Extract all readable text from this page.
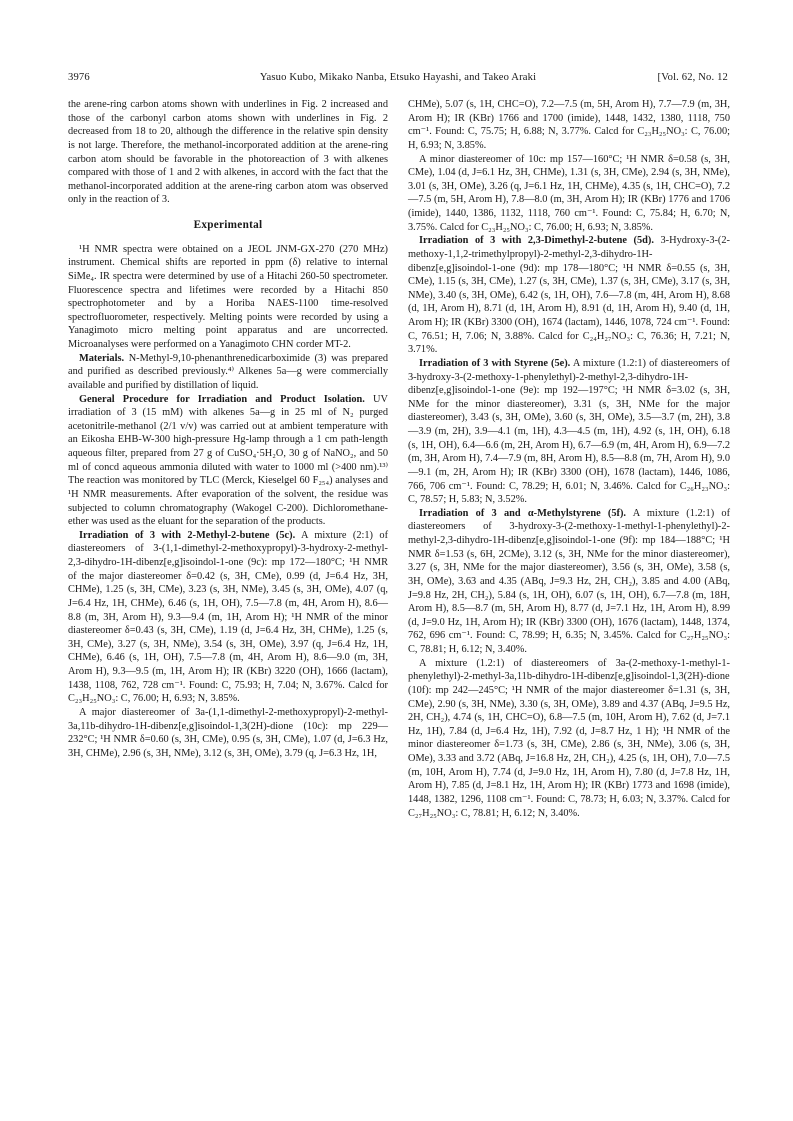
3976	Yasuo Kubo, Mikako Nanba, Etsuko Hayashi, and Takeo Araki	[Vol. 62, No. 12

the arene-ring carbon atoms shown with underlines in Fig. 2 increased and those of the carbonyl carbon atoms shown with underlines in Fig. 2 decreased from 18 to 20, although the difference in the relative spin density is not large. Therefore, the methanol-incorporated addition at the arene-ring carbon atom should be favorable in the photoreaction of 3 with alkenes compared with those of 1 and 2 with alkenes, in accord with the fact that the methanol-incorporated addition at the arene-ring carbon atom was observed only in the reaction of 3.

Experimental

¹H NMR spectra were obtained on a JEOL JNM-GX-270 (270 MHz) instrument. Chemical shifts are reported in ppm (δ) relative to internal SiMe₄. IR spectra were determined by use of a Hitachi 260-50 spectrometer. Fluorescence spectra and lifetimes were recorded by a Hitachi 850 spectrophotometer and by a Horiba NAES-1100 time-resolved spectrofluorometer, respectively. Melting points were recorded by using a Yanagimoto micro melting point apparatus and are uncorrected. Microanalyses were performed on a Yanagimoto CHN corder MT-2.

Materials. N-Methyl-9,10-phenanthrenedicarboximide (3) was prepared and purified as described previously.⁴⁾ Alkenes 5a—g were commercially available and purified by distillation of liquid.

General Procedure for Irradiation and Product Isolation. UV irradiation of 3 (15 mM) with alkenes 5a—g in 25 ml of N₂ purged acetonitrile-methanol (2/1 v/v) was carried out at ambient temperature with an Eikosha EHB-W-300 high-pressure Hg-lamp through a 1 cm path-length aqueous filter, prepared from 27 g of CuSO₄·5H₂O, 30 g of NaNO₂, and 50 ml of concd aqueous ammonia diluted with water to 1000 ml (>400 nm).¹³⁾ The reaction was monitored by TLC (Merck, Kieselgel 60 F₂₅₄) analyses and ¹H NMR measurements. After evaporation of the solvent, the residue was subjected to column chromatography (Wakogel C-200). Dichloromethane-ether was used as the eluant for the separation of the products.

Irradiation of 3 with 2-Methyl-2-butene (5c). A mixture (2:1) of diastereomers of 3-(1,1-dimethyl-2-methoxypropyl)-3-hydroxy-2-methyl-2,3-dihydro-1H-dibenz[e,g]isoindol-1-one (9c): mp 172—180°C; ¹H NMR of the major diastereomer δ=0.42 (s, 3H, CMe), 0.99 (d, J=6.4 Hz, 3H, CHMe), 1.25 (s, 3H, CMe), 3.23 (s, 3H, NMe), 3.45 (s, 3H, OMe), 4.07 (q, J=6.4 Hz, 1H, CHMe), 6.46 (s, 1H, OH), 7.5—7.8 (m, 4H, Arom H), 8.6—8.8 (m, 3H, Arom H), 9.3—9.4 (m, 1H, Arom H); ¹H NMR of the minor diastereomer δ=0.43 (s, 3H, CMe), 1.19 (d, J=6.4 Hz, 3H, CHMe), 1.25 (s, 3H, CMe), 3.27 (s, 3H, NMe), 3.54 (s, 3H, OMe), 3.97 (q, J=6.4 Hz, 1H, CHMe), 6.46 (s, 1H, OH), 7.5—7.8 (m, 4H, Arom H), 8.6—9.0 (m, 3H, Arom H), 9.3—9.5 (m, 1H, Arom H); IR (KBr) 3220 (OH), 1666 (lactam), 1438, 1108, 762, 728 cm⁻¹. Found: C, 75.93; H, 7.04; N, 3.67%. Calcd for C₂₃H₂₅NO₃: C, 76.00; H, 6.93; N, 3.85%.

A major diastereomer of 3a-(1,1-dimethyl-2-methoxypropyl)-2-methyl-3a,11b-dihydro-1H-dibenz[e,g]isoindol-1,3(2H)-dione (10c): mp 229—232°C; ¹H NMR δ=0.60 (s, 3H, CMe), 0.95 (s, 3H, CMe), 1.07 (d, J=6.3 Hz, 3H, CHMe), 2.96 (s, 3H, NMe), 3.12 (s, 3H, OMe), 3.79 (q, J=6.3 Hz, 1H,

CHMe), 5.07 (s, 1H, CHC=O), 7.2—7.5 (m, 5H, Arom H), 7.7—7.9 (m, 3H, Arom H); IR (KBr) 1766 and 1700 (imide), 1448, 1432, 1380, 1118, 750 cm⁻¹. Found: C, 75.75; H, 6.88; N, 3.77%. Calcd for C₂₃H₂₅NO₃: C, 76.00; H, 6.93; N, 3.85%.

A minor diastereomer of 10c: mp 157—160°C; ¹H NMR δ=0.58 (s, 3H, CMe), 1.04 (d, J=6.1 Hz, 3H, CHMe), 1.31 (s, 3H, CMe), 2.94 (s, 3H, NMe), 3.01 (s, 3H, OMe), 3.26 (q, J=6.1 Hz, 1H, CHMe), 4.35 (s, 1H, CHC=O), 7.2—7.5 (m, 5H, Arom H), 7.8—8.0 (m, 3H, Arom H); IR (KBr) 1776 and 1706 (imide), 1440, 1386, 1132, 1118, 760 cm⁻¹. Found: C, 75.84; H, 6.70; N, 3.75%. Calcd for C₂₃H₂₅NO₃: C, 76.00; H, 6.93; N, 3.85%.

Irradiation of 3 with 2,3-Dimethyl-2-butene (5d). 3-Hydroxy-3-(2-methoxy-1,1,2-trimethylpropyl)-2-methyl-2,3-dihydro-1H-dibenz[e,g]isoindol-1-one (9d): mp 178—180°C; ¹H NMR δ=0.55 (s, 3H, CMe), 1.15 (s, 3H, CMe), 1.27 (s, 3H, CMe), 1.37 (s, 3H, CMe), 3.17 (s, 3H, NMe), 3.40 (s, 3H, OMe), 6.42 (s, 1H, OH), 7.6—7.8 (m, 4H, Arom H), 8.68 (d, 1H, Arom H), 8.71 (d, 1H, Arom H), 8.91 (d, 1H, Arom H), 9.40 (d, 1H, Arom H); IR (KBr) 3300 (OH), 1674 (lactam), 1446, 1078, 724 cm⁻¹. Found: C, 76.51; H, 7.06; N, 3.88%. Calcd for C₂₄H₂₇NO₃: C, 76.36; H, 7.21; N, 3.71%.

Irradiation of 3 with Styrene (5e). A mixture (1.2:1) of diastereomers of 3-hydroxy-3-(2-methoxy-1-phenylethyl)-2-methyl-2,3-dihydro-1H-dibenz[e,g]isoindol-1-one (9e): mp 192—197°C; ¹H NMR δ=3.02 (s, 3H, NMe for the minor diastereomer), 3.31 (s, 3H, NMe for the major diastereomer), 3.43 (s, 3H, OMe), 3.60 (s, 3H, OMe), 3.5—3.7 (m, 2H), 3.8—3.9 (m, 2H), 3.9—4.1 (m, 1H), 4.3—4.5 (m, 1H), 4.92 (s, 1H, OH), 6.18 (s, 1H, OH), 6.4—6.6 (m, 2H, Arom H), 6.7—6.9 (m, 4H, Arom H), 6.9—7.2 (m, 3H, Arom H), 7.4—7.9 (m, 8H, Arom H), 8.5—8.8 (m, 7H, Arom H), 9.0—9.1 (m, 2H, Arom H); IR (KBr) 3300 (OH), 1678 (lactam), 1446, 1086, 766, 706 cm⁻¹. Found: C, 78.29; H, 6.01; N, 3.46%. Calcd for C₂₆H₂₃NO₃: C, 78.57; H, 5.83; N, 3.52%.

Irradiation of 3 and α-Methylstyrene (5f). A mixture (1.2:1) of diastereomers of 3-hydroxy-3-(2-methoxy-1-methyl-1-phenylethyl)-2-methyl-2,3-dihydro-1H-dibenz[e,g]isoindol-1-one (9f): mp 184—188°C; ¹H NMR δ=1.53 (s, 6H, 2CMe), 3.12 (s, 3H, NMe for the minor diastereomer), 3.27 (s, 3H, NMe for the major diastereomer), 3.56 (s, 3H, OMe), 3.58 (s, 3H, OMe), 3.63 and 4.35 (ABq, J=9.3 Hz, 2H, CH₂), 3.85 and 4.00 (ABq, J=9.8 Hz, 2H, CH₂), 5.84 (s, 1H, OH), 6.07 (s, 1H, OH), 6.7—7.8 (m, 18H, Arom H), 8.5—8.7 (m, 5H, Arom H), 8.77 (d, J=7.1 Hz, 1H, Arom H), 8.99 (d, J=9.0 Hz, 1H, Arom H); IR (KBr) 3300 (OH), 1676 (lactam), 1448, 1374, 762, 696 cm⁻¹. Found: C, 78.99; H, 6.35; N, 3.45%. Calcd for C₂₇H₂₅NO₃: C, 78.81; H, 6.12; N, 3.40%.

A mixture (1.2:1) of diastereomers of 3a-(2-methoxy-1-methyl-1-phenylethyl)-2-methyl-3a,11b-dihydro-1H-dibenz[e,g]isoindol-1,3(2H)-dione (10f): mp 242—245°C; ¹H NMR of the major diastereomer δ=1.31 (s, 3H, CMe), 2.90 (s, 3H, NMe), 3.30 (s, 3H, OMe), 3.89 and 4.37 (ABq, J=9.5 Hz, 2H, CH₂), 4.74 (s, 1H, CHC=O), 6.8—7.5 (m, 10H, Arom H), 7.62 (d, J=7.1 Hz, 1H), 7.84 (d, J=6.4 Hz, 1H), 7.92 (d, J=8.7 Hz, 1 H); ¹H NMR of the minor diastereomer δ=1.73 (s, 3H, CMe), 2.86 (s, 3H, NMe), 3.06 (s, 3H, OMe), 3.33 and 3.72 (ABq, J=16.8 Hz, 2H, CH₂), 4.25 (s, 1H, OH), 7.0—7.5 (m, 10H, Arom H), 7.74 (d, J=9.0 Hz, 1H, Arom H), 7.80 (d, J=7.8 Hz, 1H, Arom H), 7.85 (d, J=8.1 Hz, 1H, Arom H); IR (KBr) 1773 and 1698 (imide), 1448, 1382, 1296, 1108 cm⁻¹. Found: C, 78.73; H, 6.03; N, 3.37%. Calcd for C₂₇H₂₅NO₃: C, 78.81; H, 6.12; N, 3.40%.
